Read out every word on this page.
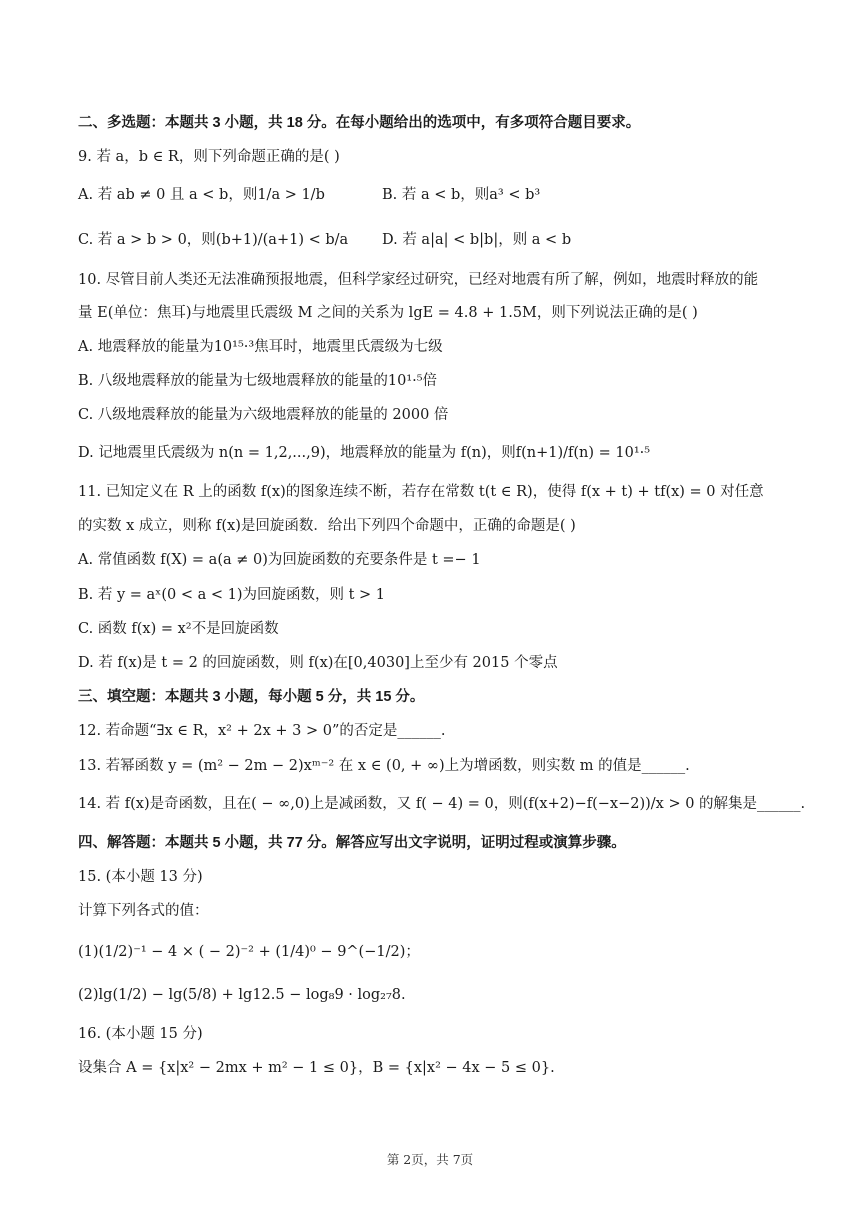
二、多选题：本题共 3 小题，共 18 分。在每小题给出的选项中，有多项符合题目要求。
9. 若 a，b ∈ R，则下列命题正确的是( )
A. 若 ab ≠ 0 且 a < b，则1/a > 1/b	B. 若 a < b，则a³ < b³
C. 若 a > b > 0，则(b+1)/(a+1) < b/a D. 若 a|a| < b|b|，则 a < b
10. 尽管目前人类还无法准确预报地震，但科学家经过研究，已经对地震有所了解，例如，地震时释放的能
量 E(单位：焦耳)与地震里氏震级 M 之间的关系为 lgE = 4.8 + 1.5M，则下列说法正确的是( )
A. 地震释放的能量为10¹⁵·³焦耳时，地震里氏震级为七级
B. 八级地震释放的能量为七级地震释放的能量的10¹·⁵倍
C. 八级地震释放的能量为六级地震释放的能量的 2000 倍
D. 记地震里氏震级为 n(n = 1,2,...,9)，地震释放的能量为 f(n)，则f(n+1)/f(n) = 10¹·⁵
11. 已知定义在 R 上的函数 f(x)的图象连续不断，若存在常数 t(t ∈ R)，使得 f(x + t) + tf(x) = 0 对任意
的实数 x 成立，则称 f(x)是回旋函数．给出下列四个命题中，正确的命题是( )
A. 常值函数 f(X) = a(a ≠ 0)为回旋函数的充要条件是 t =− 1
B. 若 y = aˣ(0 < a < 1)为回旋函数，则 t > 1
C. 函数 f(x) = x²不是回旋函数
D. 若 f(x)是 t = 2 的回旋函数，则 f(x)在[0,4030]上至少有 2015 个零点
三、填空题：本题共 3 小题，每小题 5 分，共 15 分。
12. 若命题“∃x ∈ R，x² + 2x + 3 > 0”的否定是______.
13. 若幂函数 y = (m² − 2m − 2)xᵐ⁻² 在 x ∈ (0, + ∞)上为增函数，则实数 m 的值是______.
14. 若 f(x)是奇函数，且在( − ∞,0)上是减函数，又 f( − 4) = 0，则(f(x+2)−f(−x−2))/x > 0 的解集是______.
四、解答题：本题共 5 小题，共 77 分。解答应写出文字说明，证明过程或演算步骤。
15. (本小题 13 分)
计算下列各式的值：
(1)(1/2)⁻¹ − 4 × ( − 2)⁻² + (1/4)⁰ − 9^(−1/2)；
(2)lg(1/2) − lg(5/8) + lg12.5 − log₈9 · log₂₇8.
16. (本小题 15 分)
设集合 A = {x|x² − 2mx + m² − 1 ≤ 0}，B = {x|x² − 4x − 5 ≤ 0}.
第 2页，共 7页
